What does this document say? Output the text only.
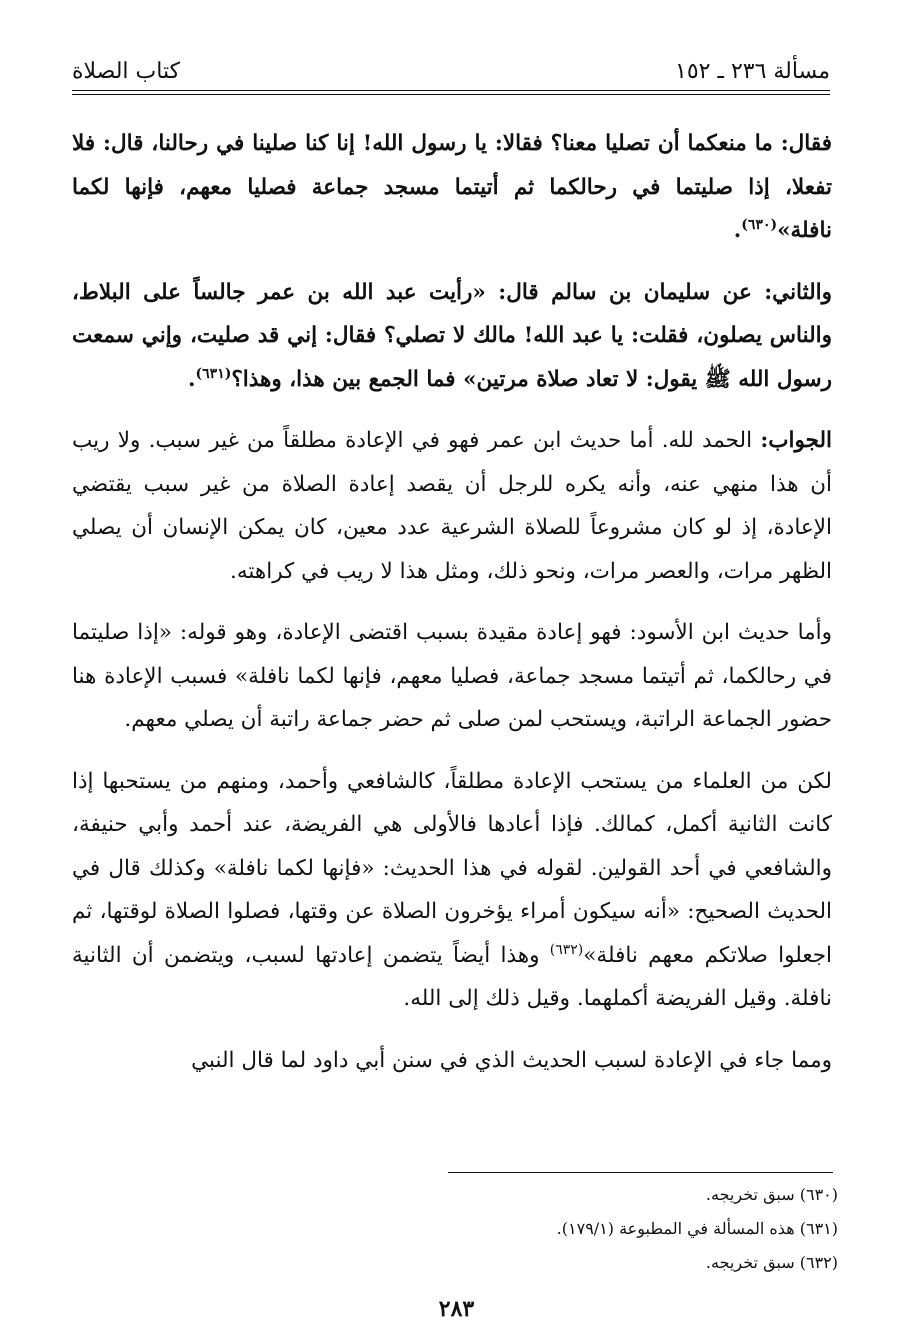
مسألة ٢٣٦ ـ ١٥٢
كتاب الصلاة

فقال: ما منعكما أن تصليا معنا؟ فقالا: يا رسول الله! إنا كنا صلينا في رحالنا، قال: فلا تفعلا، إذا صليتما في رحالكما ثم أتيتما مسجد جماعة فصليا معهم، فإنها لكما نافلة»$^{(٦٣٠)}$.

والثاني: عن سليمان بن سالم قال: «رأيت عبد الله بن عمر جالساً على البلاط، والناس يصلون، فقلت: يا عبد الله! مالك لا تصلي؟ فقال: إني قد صليت، وإني سمعت رسول الله ﷺ يقول: لا تعاد صلاة مرتين» فما الجمع بين هذا، وهذا؟$^{(٦٣١)}$.

الجواب: الحمد لله. أما حديث ابن عمر فهو في الإعادة مطلقاً من غير سبب. ولا ريب أن هذا منهي عنه، وأنه يكره للرجل أن يقصد إعادة الصلاة من غير سبب يقتضي الإعادة، إذ لو كان مشروعاً للصلاة الشرعية عدد معين، كان يمكن الإنسان أن يصلي الظهر مرات، والعصر مرات، ونحو ذلك، ومثل هذا لا ريب في كراهته.

وأما حديث ابن الأسود: فهو إعادة مقيدة بسبب اقتضى الإعادة، وهو قوله: «إذا صليتما في رحالكما، ثم أتيتما مسجد جماعة، فصليا معهم، فإنها لكما نافلة» فسبب الإعادة هنا حضور الجماعة الراتبة، ويستحب لمن صلى ثم حضر جماعة راتبة أن يصلي معهم.

لكن من العلماء من يستحب الإعادة مطلقاً، كالشافعي وأحمد، ومنهم من يستحبها إذا كانت الثانية أكمل، كمالك. فإذا أعادها فالأولى هي الفريضة، عند أحمد وأبي حنيفة، والشافعي في أحد القولين. لقوله في هذا الحديث: «فإنها لكما نافلة» وكذلك قال في الحديث الصحيح: «أنه سيكون أمراء يؤخرون الصلاة عن وقتها، فصلوا الصلاة لوقتها، ثم اجعلوا صلاتكم معهم نافلة»$^{(٦٣٢)}$ وهذا أيضاً يتضمن إعادتها لسبب، ويتضمن أن الثانية نافلة. وقيل الفريضة أكملهما. وقيل ذلك إلى الله.

ومما جاء في الإعادة لسبب الحديث الذي في سنن أبي داود لما قال النبي

(٦٣٠) سبق تخريجه.
(٦٣١) هذه المسألة في المطبوعة (١٧٩/١).
(٦٣٢) سبق تخريجه.
٢٨٣
